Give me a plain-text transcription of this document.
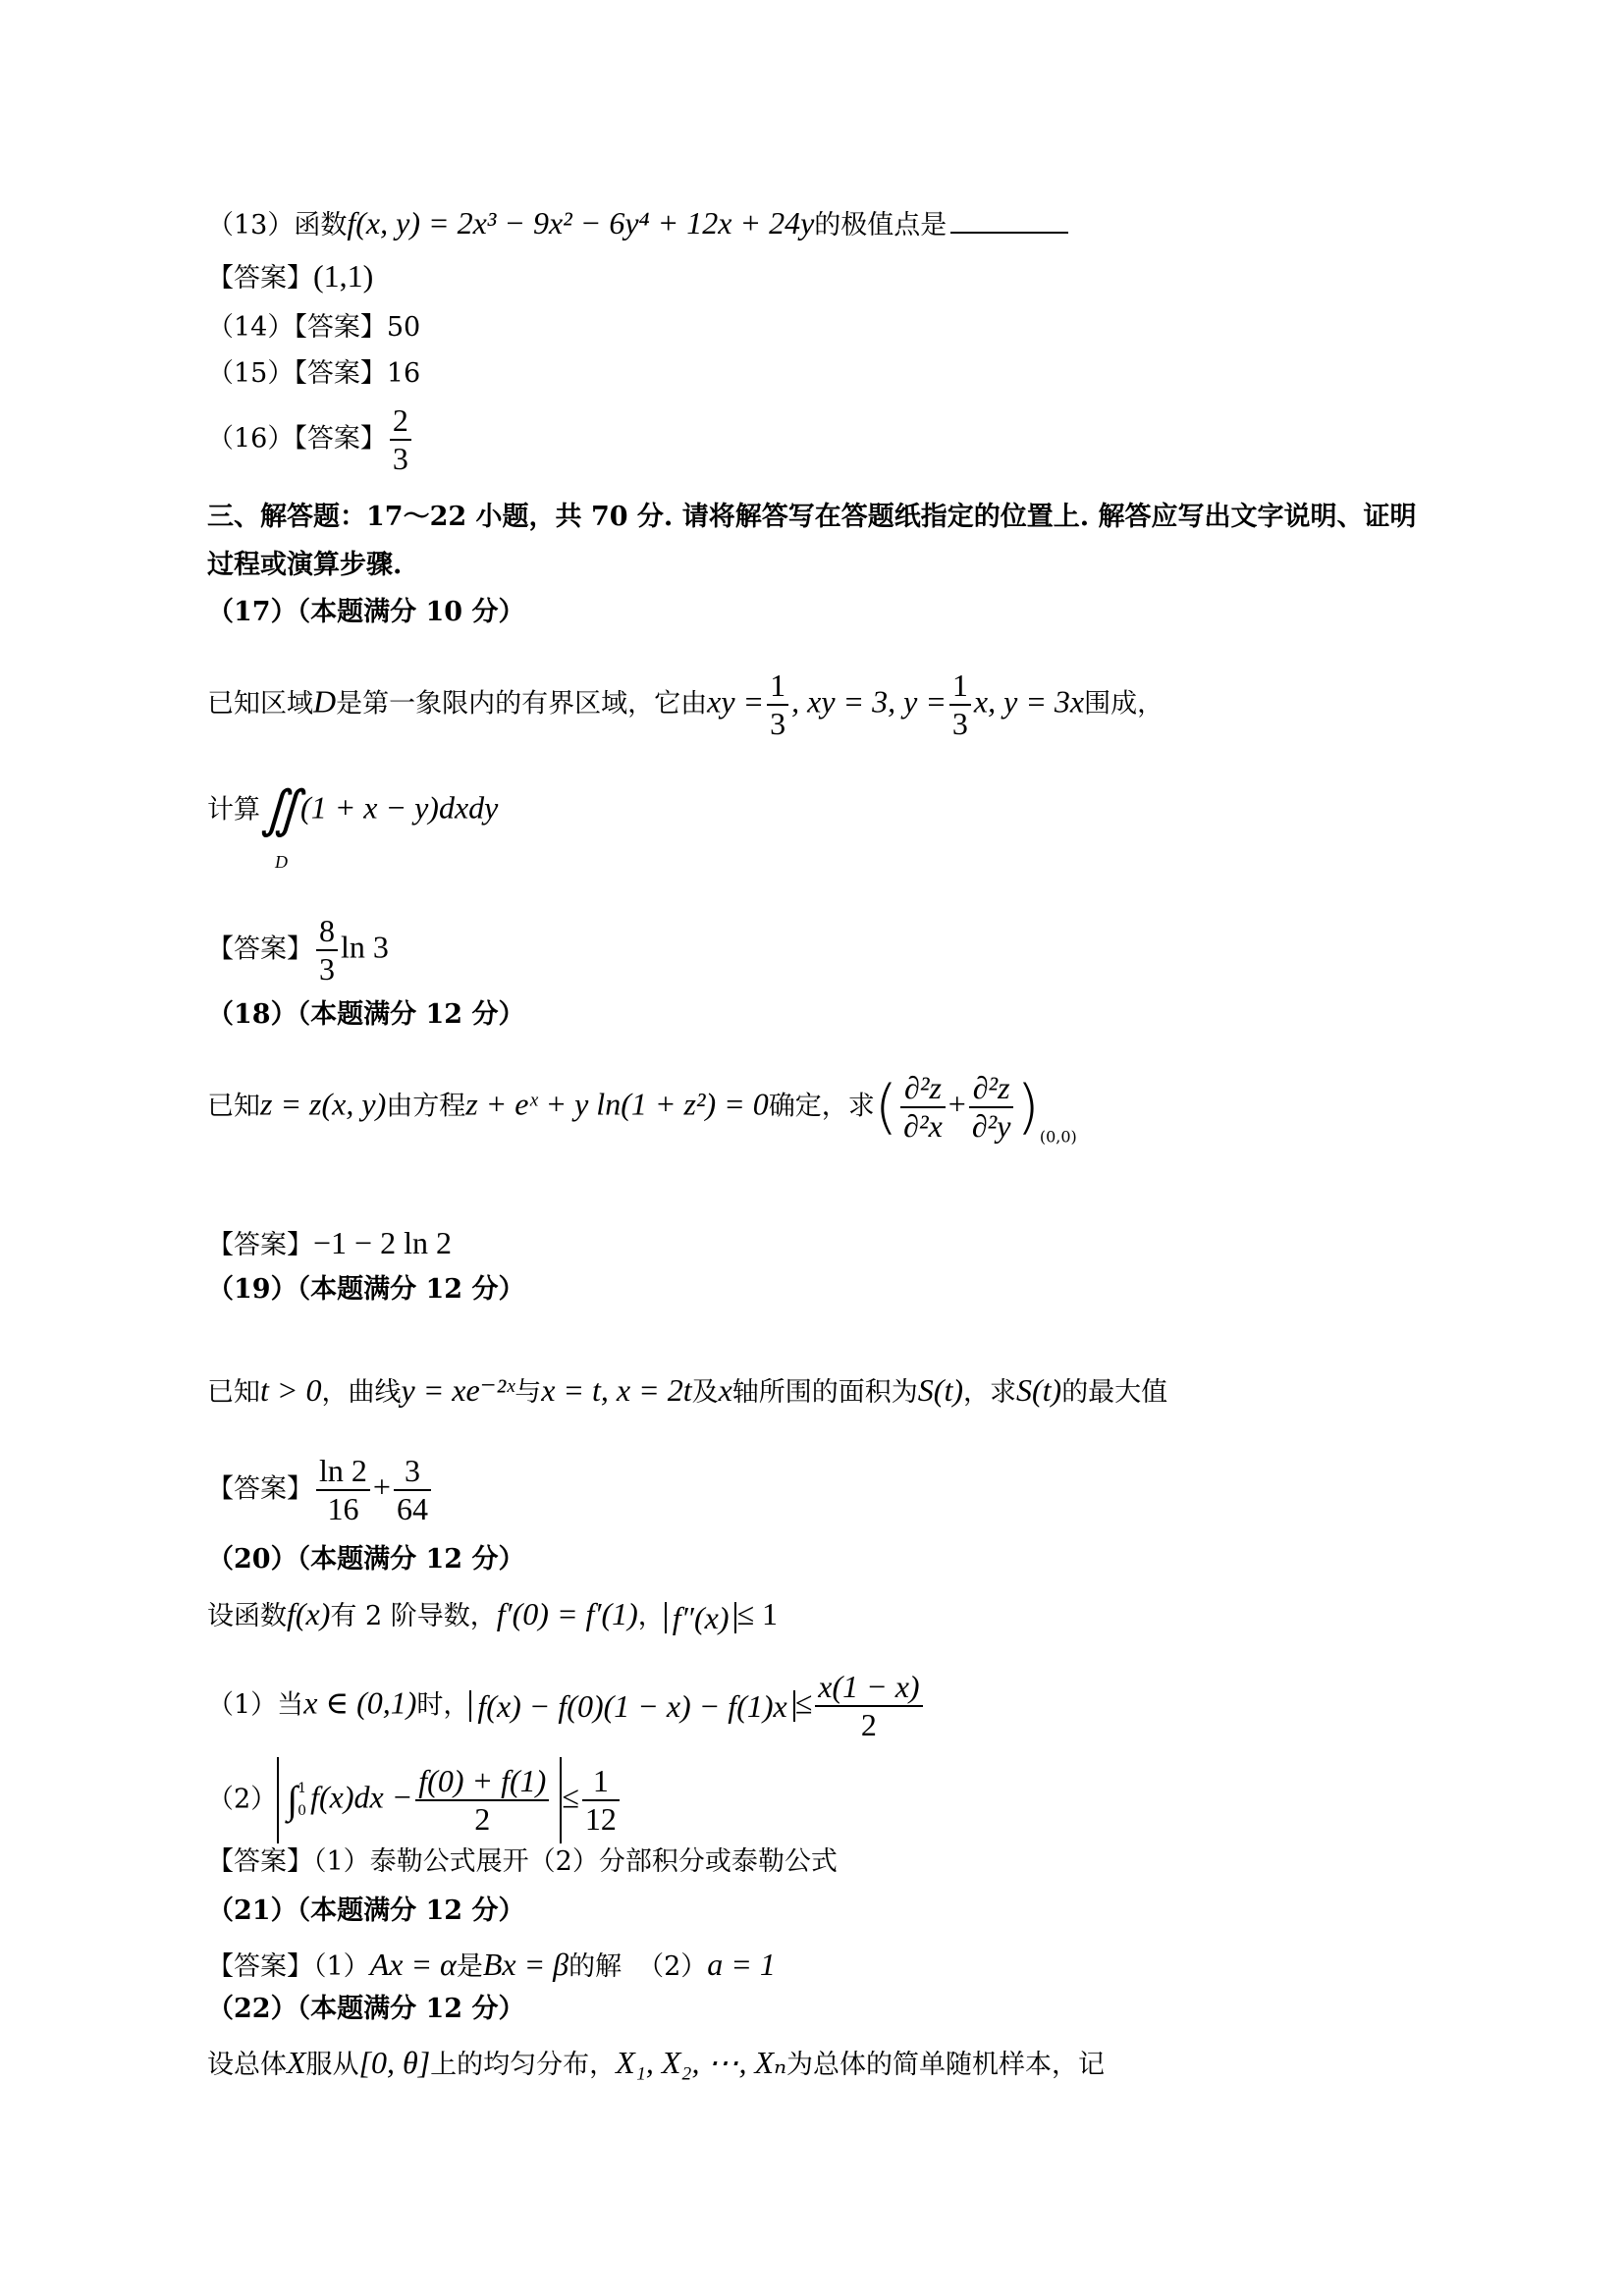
（13）函数f(x, y) = 2x³ − 9x² − 6y⁴ + 12x + 24y的极值点是
【答案】(1,1)
（14）【答案】50
（15）【答案】16
（16）【答案】 $\frac{2}{3}$
三、解答题：17～22 小题，共 70 分. 请将解答写在答题纸指定的位置上. 解答应写出文字说明、证明
过程或演算步骤.
（17）（本题满分 10 分）
已知区域D是第一象限内的有界区域，它由xy = $\frac{1}{3}$ , xy = 3, $y = \frac{1}{3} x$, y = 3x围成，
计算∬(1 + x − y)dxdy
D
【答案】 $\frac{8}{3}$ ln 3
（18）（本题满分 12 分）
已知z = z(x, y)由方程z + eˣ + y ln(1 + z²) = 0确定，求( $\frac{\text{∂²z}}{\text{∂²x}} + \frac{\text{∂²z}}{\text{∂²y}} )_{(0,0)}$
【答案】−1 − 2 ln 2
（19）（本题满分 12 分）
已知t > 0，曲线y = xe⁻²ˣ与x = t, x = 2t及x轴所围的面积为S(t)，求S(t)的最大值
【答案】 $\frac{\ln 2}{16} + \frac{3}{64}$
（20）（本题满分 12 分）
设函数f(x)有 2 阶导数，f′(0) = f′(1)， f″(x) ≤ 1
（1）当x ∈ (0,1)时， $f(x) - f(0)(1 - x) - f(1)x \le \frac{x(1 - x)}{2}$
（2） ∫ 1
0 $f(x)dx - \frac{f(0) + f(1)}{2} \le \frac{1}{12}$
【答案】（1）泰勒公式展开（2）分部积分或泰勒公式
（21）（本题满分 12 分）
【答案】（1）Ax = α是Bx = β的解 （2）a = 1
（22）（本题满分 12 分）
设总体X服从[0, θ]上的均匀分布，X₁, X₂, ⋯, Xₙ为总体的简单随机样本，记
